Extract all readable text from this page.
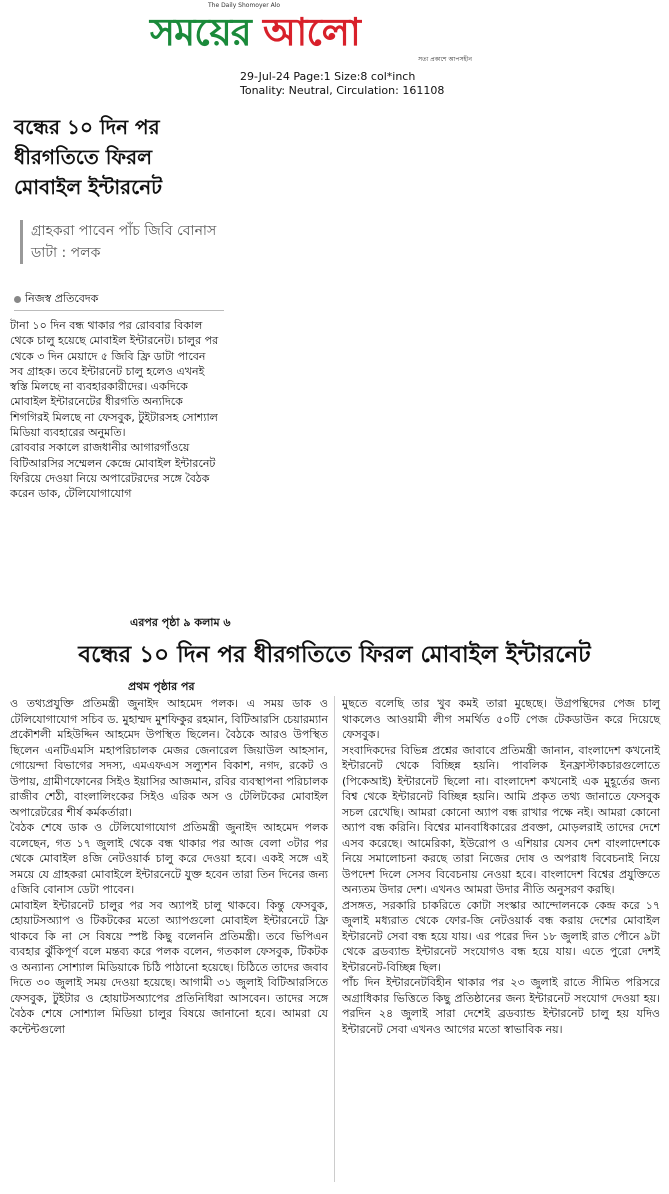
The Daily Shomoyer Alo
সময়ের আলো
সত্য প্রকাশে আপসহীন
29-Jul-24 Page:1 Size:8 col*inch
Tonality: Neutral, Circulation: 161108
বন্ধের ১০ দিন পর ধীরগতিতে ফিরল মোবাইল ইন্টারনেট
গ্রাহকরা পাবেন পাঁচ জিবি বোনাস ডাটা : পলক
নিজস্ব প্রতিবেদক

টানা ১০ দিন বন্ধ থাকার পর রোববার বিকাল থেকে চালু হয়েছে মোবাইল ইন্টারনেট। চালুর পর থেকে ৩ দিন মেয়াদে ৫ জিবি ফ্রি ডাটা পাবেন সব গ্রাহক। তবে ইন্টারনেট চালু হলেও এখনই স্বস্তি মিলছে না ব্যবহারকারীদের। একদিকে মোবাইল ইন্টারনেটের ধীরগতি অন্যদিকে শিগগিরই মিলছে না ফেসবুক, টুইটারসহ সোশ্যাল মিডিয়া ব্যবহারের অনুমতি।

রোববার সকালে রাজধানীর আগারগাঁওয়ে বিটিআরসির সম্মেলন কেন্দ্রে মোবাইল ইন্টারনেট ফিরিয়ে দেওয়া নিয়ে অপারেটরদের সঙ্গে বৈঠক করেন ডাক, টেলিযোগাযোগ

এরপর পৃষ্ঠা ৯ কলাম ৬
বন্ধের ১০ দিন পর ধীরগতিতে ফিরল মোবাইল ইন্টারনেট
প্রথম পৃষ্ঠার পর

ও তথ্যপ্রযুক্তি প্রতিমন্ত্রী জুনাইদ আহমেদ পলক। এ সময় ডাক ও টেলিযোগাযোগ সচিব ড. মুহাম্মদ মুশফিকুর রহমান, বিটিআরসি চেয়ারম্যান প্রকৌশলী মহিউদ্দিন আহমেদ উপস্থিত ছিলেন। বৈঠকে আরও উপস্থিত ছিলেন এনটিএমসি মহাপরিচালক মেজর জেনারেল জিয়াউল আহসান, গোয়েন্দা বিভাগের সদস্য, এমএফএস সল্যুশন বিকাশ, নগদ, রকেট ও উপায়, গ্রামীণফোনের সিইও ইয়াসির আজমান, রবির ব্যবস্থাপনা পরিচালক রাজীব শেঠী, বাংলালিংকের সিইও এরিক অস ও টেলিটকের মোবাইল অপারেটরের শীর্ষ কর্মকর্তারা।

বৈঠক শেষে ডাক ও টেলিযোগাযোগ প্রতিমন্ত্রী জুনাইদ আহমেদ পলক বলেছেন, গত ১৭ জুলাই থেকে বন্ধ থাকার পর আজ বেলা ৩টার পর থেকে মোবাইল ৪জি নেটওয়ার্ক চালু করে দেওয়া হবে। একই সঙ্গে এই সময়ে যে গ্রাহকরা মোবাইলে ইন্টারনেটে যুক্ত হবেন তারা তিন দিনের জন্য ৫জিবি বোনাস ডেটা পাবেন।

মোবাইল ইন্টারনেট চালুর পর সব অ্যাপই চালু থাকবে। কিন্তু ফেসবুক, হোয়াটসঅ্যাপ ও টিকটকের মতো অ্যাপগুলো মোবাইল ইন্টারনেটে ফ্রি থাকবে কি না সে বিষয়ে স্পষ্ট কিছু বলেননি প্রতিমন্ত্রী। তবে ভিপিএন ব্যবহার ঝুঁকিপূর্ণ বলে মন্তব্য করে পলক বলেন, গতকাল ফেসবুক, টিকটক ও অন্যান্য সোশ্যাল মিডিয়াকে চিঠি পাঠানো হয়েছে। চিঠিতে তাদের জবাব দিতে ৩০ জুলাই সময় দেওয়া হয়েছে। আগামী ৩১ জুলাই বিটিআরসিতে ফেসবুক, টুইটার ও হোয়াটসঅ্যাপের প্রতিনিধিরা আসবেন। তাদের সঙ্গে বৈঠক শেষে সোশ্যাল মিডিয়া চালুর বিষয়ে জানানো হবে। আমরা যে কন্টেন্টগুলো

মুছতে বলেছি তার খুব কমই তারা মুছেছে। উগ্রপন্থিদের পেজ চালু থাকলেও আওয়ামী লীগ সমর্থিত ৫০টি পেজ টেকডাউন করে দিয়েছে ফেসবুক।

সংবাদিকদের বিভিন্ন প্রশ্নের জাবাবে প্রতিমন্ত্রী জানান, বাংলাদেশ কখনোই ইন্টারনেট থেকে বিচ্ছিন্ন হয়নি। পাবলিক ইনফ্রাস্টাকচারগুলোতে (পিকেআই) ইন্টারনেট ছিলো না। বাংলাদেশ কখনোই এক মুহূর্তের জন্য বিশ্ব থেকে ইন্টারনেট বিচ্ছিন্ন হয়নি। আমি প্রকৃত তথ্য জানাতে ফেসবুক সচল রেখেছি। আমরা কোনো অ্যাপ বন্ধ রাখার পক্ষে নই। আমরা কোনো অ্যাপ বন্ধ করিনি। বিশ্বের মানবাধিকারের প্রবক্তা, মোড়লরাই তাদের দেশে এসব করেছে। আমেরিকা, ইউরোপ ও এশিয়ার যেসব দেশ বাংলাদেশকে নিয়ে সমালোচনা করছে তারা নিজের দোষ ও অপরাধ বিবেচনাই নিয়ে উপদেশ দিলে সেসব বিবেচনায় নেওয়া হবে। বাংলাদেশ বিশ্বের প্রযুক্তিতে অন্যতম উদার দেশ। এখনও আমরা উদার নীতি অনুসরণ করছি।

প্রসঙ্গত, সরকারি চাকরিতে কোটা সংস্কার আন্দোলনকে কেন্দ্র করে ১৭ জুলাই মধ্যরাত থেকে ফোর-জি নেটওয়ার্ক বন্ধ করায় দেশের মোবাইল ইন্টারনেট সেবা বন্ধ হয়ে যায়। এর পরের দিন ১৮ জুলাই রাত পৌনে ৯টা থেকে ব্রডব্যান্ড ইন্টারনেট সংযোগও বন্ধ হয়ে যায়। এতে পুরো দেশই ইন্টারনেট-বিচ্ছিন্ন ছিল।

পাঁচ দিন ইন্টারনেটবিহীন থাকার পর ২৩ জুলাই রাতে সীমিত পরিসরে অগ্রাধিকার ভিত্তিতে কিছু প্রতিষ্ঠানের জন্য ইন্টারনেট সংযোগ দেওয়া হয়। পরদিন ২৪ জুলাই সারা দেশেই ব্রডব্যান্ড ইন্টারনেট চালু হয় যদিও ইন্টারনেট সেবা এখনও আগের মতো স্বাভাবিক নয়।
